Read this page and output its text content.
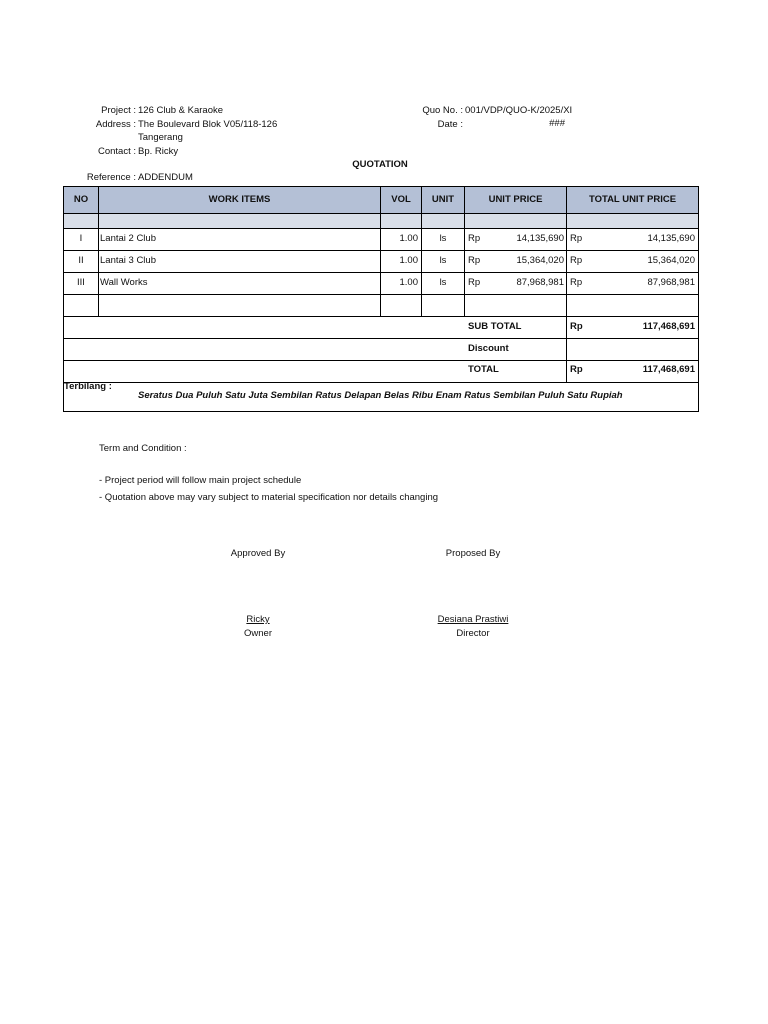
Project : 126 Club & Karaoke
Address : The Boulevard Blok V05/118-126
Tangerang
Contact : Bp. Ricky
Quo No. : 001/VDP/QUO-K/2025/XI
Date :	###
QUOTATION
Reference : ADDENDUM
NO	WORK ITEMS	VOL	UNIT	UNIT PRICE	TOTAL UNIT PRICE
I	Lantai 2 Club	1.00	ls	Rp	14,135,690 Rp	14,135,690
II	Lantai 3 Club	1.00	ls	Rp	15,364,020 Rp	15,364,020
III	Wall Works	1.00	ls	Rp	87,968,981 Rp	87,968,981
SUB TOTAL	Rp	117,468,691
Discount
TOTAL	Rp	117,468,691
Terbilang :
Seratus Dua Puluh Satu Juta Sembilan Ratus Delapan Belas Ribu Enam Ratus Sembilan Puluh Satu Rupiah
Term and Condition :
- Project period will follow main project schedule
- Quotation above may vary subject to material specification nor details changing
Approved By	Proposed By
Ricky
Owner
Desiana Prastiwi
Director
